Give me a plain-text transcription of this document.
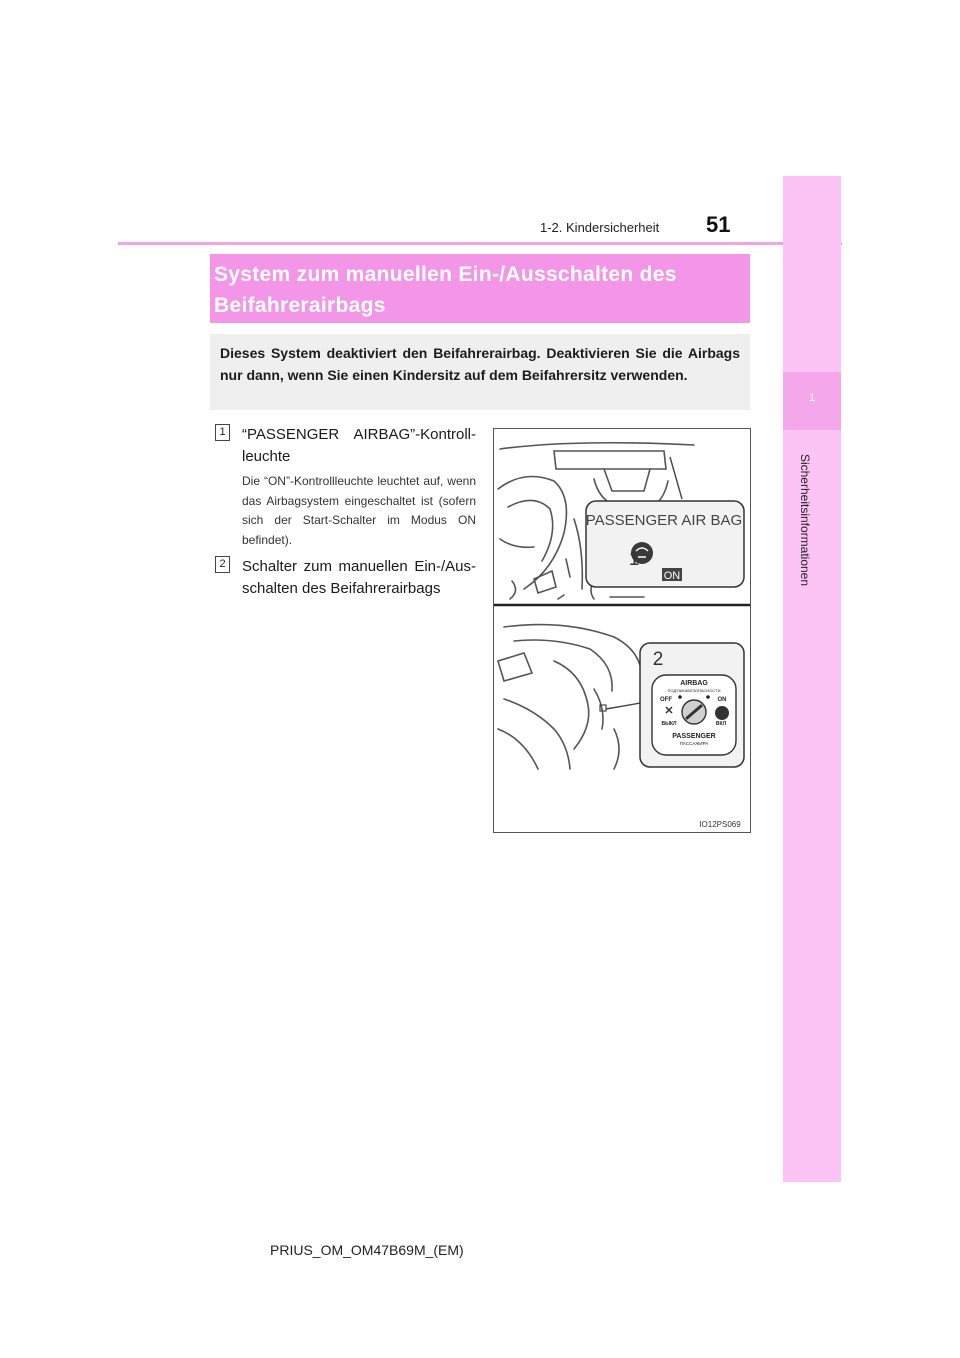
1-2. Kindersicherheit	51
1
Sicherheitsinformationen
System zum manuellen Ein-/Ausschalten des
Beifahrerairbags
Dieses System deaktiviert den Beifahrerairbag. Deaktivieren Sie die Airbags nur dann, wenn Sie einen Kindersitz auf dem Beifahrersitz verwenden.
1 “PASSENGER AIRBAG”-Kontroll-leuchte
Die “ON”-Kontrollleuchte leuchtet auf, wenn das Airbagsystem eingeschaltet ist (sofern sich der Start-Schalter im Modus ON befindet).
2 Schalter zum manuellen Ein-/Aus-schalten des Beifahrerairbags
PASSENGER AIR BAG
ON
1
2
AIRBAG
ПОДУШКАБЕЗОПАСНОСТИ
OFF	ON
ВЫКЛ	ВКЛ
PASSENGER
ПАССАЖИРА
IO12PS069
PRIUS_OM_OM47B69M_(EM)
